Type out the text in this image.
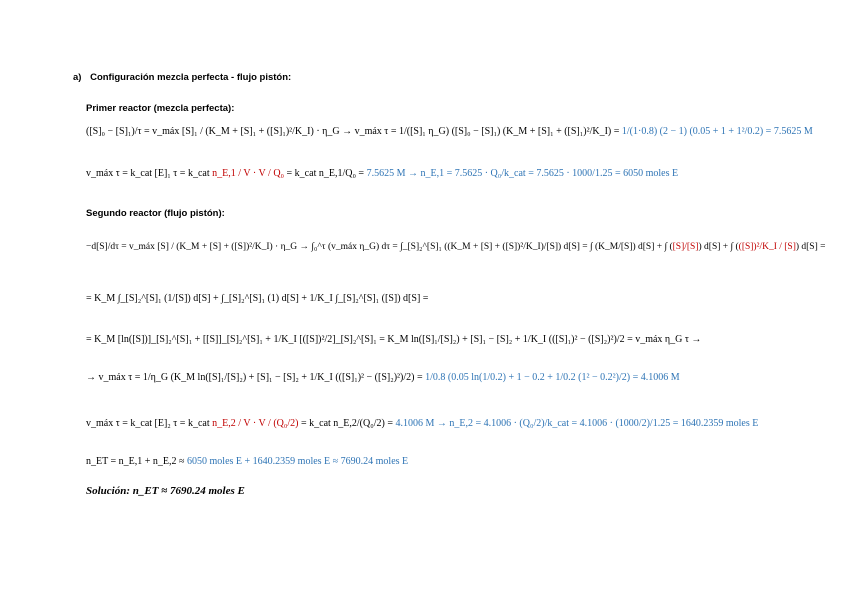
a) Configuración mezcla perfecta - flujo pistón:
Primer reactor (mezcla perfecta):
([S]₀ − [S]₁)/τ = v_máx [S]₁ / (K_M + [S]₁ + ([S]₁)²/K_I) · η_G → v_máx τ = 1/([S]₁ η_G) ([S]₀ − [S]₁) (K_M + [S]₁ + ([S]₁)²/K_I) = 1/(1·0.8) (2 − 1) (0.05 + 1 + 1²/0.2) = 7.5625 M
v_máx τ = k_cat [E]₁ τ = k_cat n_E,1 / V · V / Q₀ = k_cat n_E,1/Q₀ = 7.5625 M → n_E,1 = 7.5625 · Q₀/k_cat = 7.5625 · 1000/1.25 = 6050 moles E
Segundo reactor (flujo pistón):
−d[S]/dτ = v_máx [S] / (K_M + [S] + ([S])²/K_I) · η_G → ∫₀^τ (v_máx η_G) dτ = ∫_[S]₂^[S]₁ ((K_M + [S] + ([S])²/K_I)/[S]) d[S] = ∫ (K_M/[S]) d[S] + ∫ ([S]/[S]) d[S] + ∫ (([S])²/K_I / [S]) d[S] =
= K_M ∫_[S]₂^[S]₁ (1/[S]) d[S] + ∫_[S]₂^[S]₁ (1) d[S] + 1/K_I ∫_[S]₂^[S]₁ ([S]) d[S] =
= K_M [ln([S])]_[S]₂^[S]₁ + [[S]]_[S]₂^[S]₁ + 1/K_I [([S])²/2]_[S]₂^[S]₁ = K_M ln([S]₁/[S]₂) + [S]₁ − [S]₂ + 1/K_I (([S]₁)² − ([S]₂)²)/2 = v_máx η_G τ →
→ v_máx τ = 1/η_G (K_M ln([S]₁/[S]₂) + [S]₁ − [S]₂ + 1/K_I (([S]₁)² − ([S]₂)²)/2) = 1/0.8 (0.05 ln(1/0.2) + 1 − 0.2 + 1/0.2 (1² − 0.2²)/2) = 4.1006 M
v_máx τ = k_cat [E]₂ τ = k_cat n_E,2 / V · V / (Q₀/2) = k_cat n_E,2/(Q₀/2) = 4.1006 M → n_E,2 = 4.1006 · (Q₀/2)/k_cat = 4.1006 · (1000/2)/1.25 = 1640.2359 moles E
n_ET = n_E,1 + n_E,2 ≈ 6050 moles E + 1640.2359 moles E ≈ 7690.24 moles E
Solución: n_ET ≈ 7690.24 moles E
